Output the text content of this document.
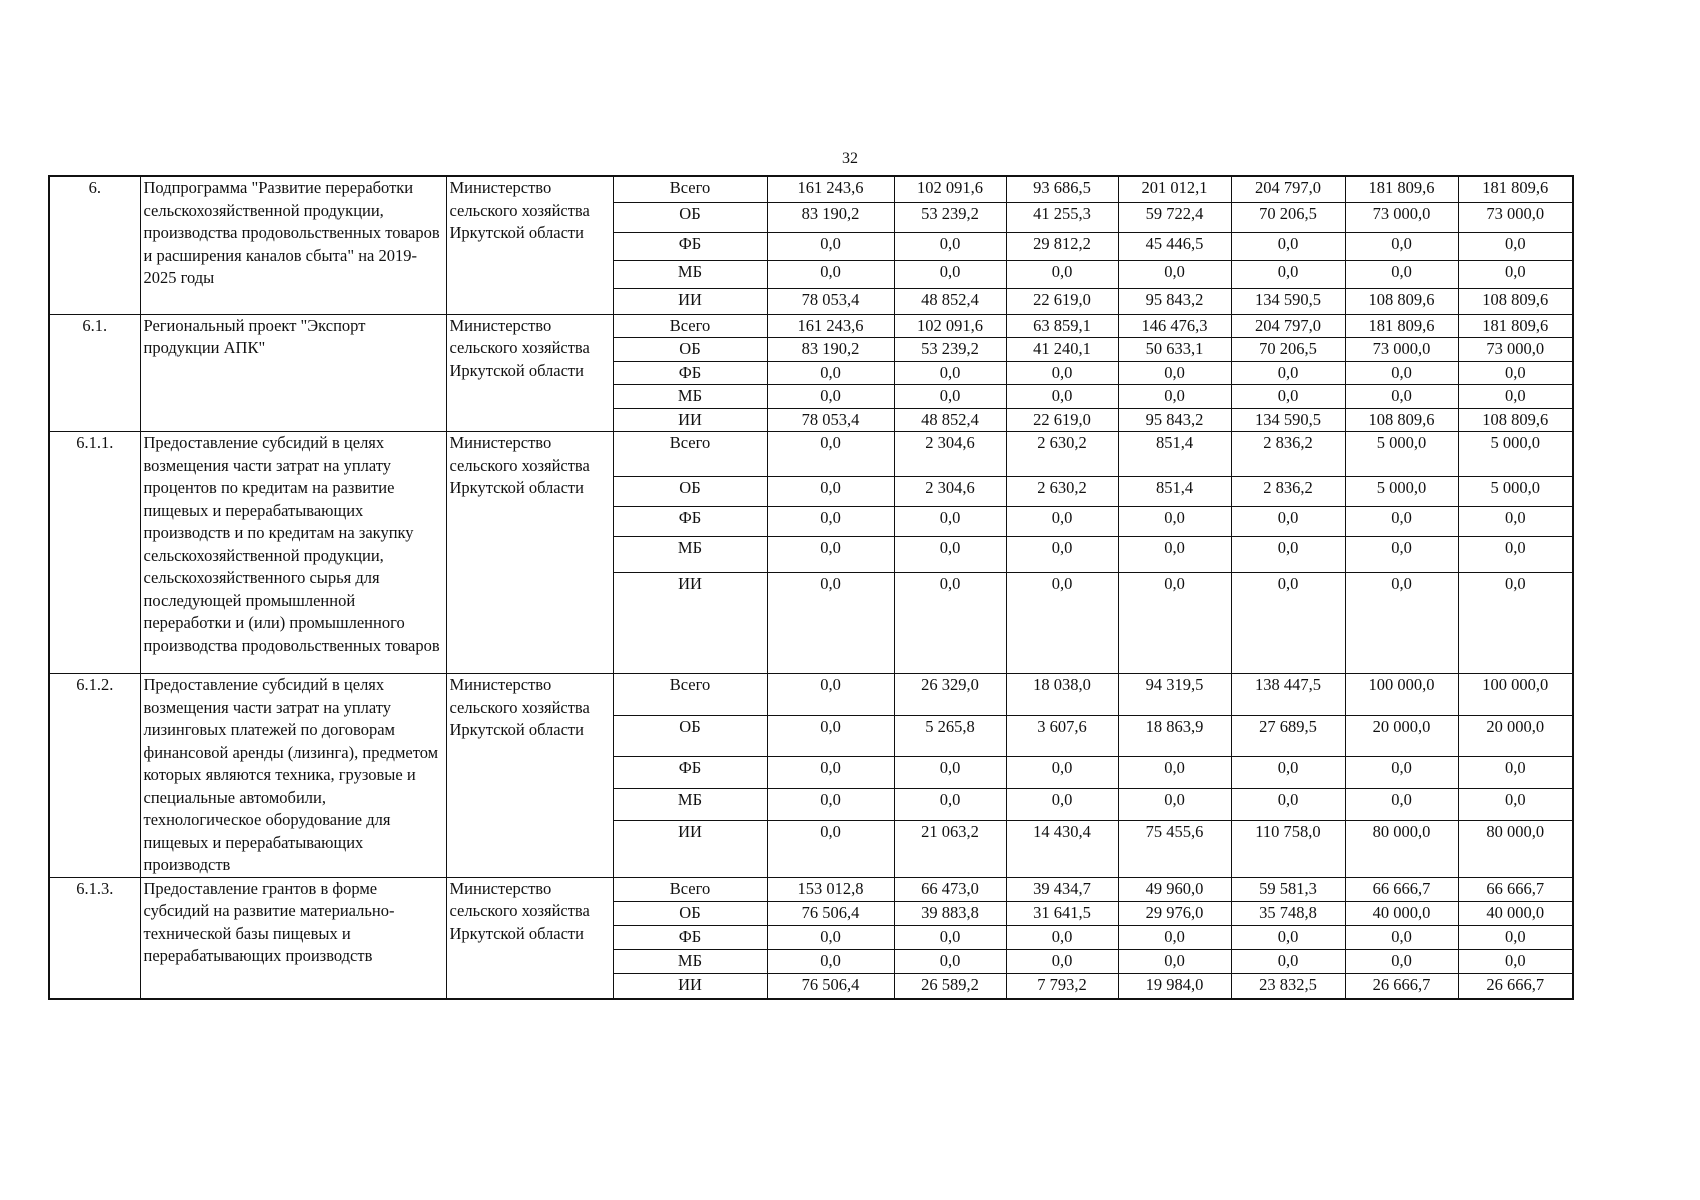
32
6.	Подпрограмма "Развитие переработки сельскохозяйственной продукции, производства продовольственных товаров и расширения каналов сбыта" на 2019-2025 годы	Министерство сельского хозяйства Иркутской области	Всего	161 243,6	102 091,6	93 686,5	201 012,1	204 797,0	181 809,6	181 809,6
			ОБ	83 190,2	53 239,2	41 255,3	59 722,4	70 206,5	73 000,0	73 000,0
			ФБ	0,0	0,0	29 812,2	45 446,5	0,0	0,0	0,0
			МБ	0,0	0,0	0,0	0,0	0,0	0,0	0,0
			ИИ	78 053,4	48 852,4	22 619,0	95 843,2	134 590,5	108 809,6	108 809,6
6.1.	Региональный проект "Экспорт продукции АПК"	Министерство сельского хозяйства Иркутской области	Всего	161 243,6	102 091,6	63 859,1	146 476,3	204 797,0	181 809,6	181 809,6
			ОБ	83 190,2	53 239,2	41 240,1	50 633,1	70 206,5	73 000,0	73 000,0
			ФБ	0,0	0,0	0,0	0,0	0,0	0,0	0,0
			МБ	0,0	0,0	0,0	0,0	0,0	0,0	0,0
			ИИ	78 053,4	48 852,4	22 619,0	95 843,2	134 590,5	108 809,6	108 809,6
6.1.1.	Предоставление субсидий в целях возмещения части затрат на уплату процентов по кредитам на развитие пищевых и перерабатывающих производств и по кредитам на закупку сельскохозяйственной продукции, сельскохозяйственного сырья для последующей промышленной переработки и (или) промышленного производства продовольственных товаров	Министерство сельского хозяйства Иркутской области	Всего	0,0	2 304,6	2 630,2	851,4	2 836,2	5 000,0	5 000,0
			ОБ	0,0	2 304,6	2 630,2	851,4	2 836,2	5 000,0	5 000,0
			ФБ	0,0	0,0	0,0	0,0	0,0	0,0	0,0
			МБ	0,0	0,0	0,0	0,0	0,0	0,0	0,0
			ИИ	0,0	0,0	0,0	0,0	0,0	0,0	0,0
6.1.2.	Предоставление субсидий в целях возмещения части затрат на уплату лизинговых платежей по договорам финансовой аренды (лизинга), предметом которых являются техника, грузовые и специальные автомобили, технологическое оборудование для пищевых и перерабатывающих производств	Министерство сельского хозяйства Иркутской области	Всего	0,0	26 329,0	18 038,0	94 319,5	138 447,5	100 000,0	100 000,0
			ОБ	0,0	5 265,8	3 607,6	18 863,9	27 689,5	20 000,0	20 000,0
			ФБ	0,0	0,0	0,0	0,0	0,0	0,0	0,0
			МБ	0,0	0,0	0,0	0,0	0,0	0,0	0,0
			ИИ	0,0	21 063,2	14 430,4	75 455,6	110 758,0	80 000,0	80 000,0
6.1.3.	Предоставление грантов в форме субсидий на развитие материально-технической базы пищевых и перерабатывающих производств	Министерство сельского хозяйства Иркутской области	Всего	153 012,8	66 473,0	39 434,7	49 960,0	59 581,3	66 666,7	66 666,7
			ОБ	76 506,4	39 883,8	31 641,5	29 976,0	35 748,8	40 000,0	40 000,0
			ФБ	0,0	0,0	0,0	0,0	0,0	0,0	0,0
			МБ	0,0	0,0	0,0	0,0	0,0	0,0	0,0
			ИИ	76 506,4	26 589,2	7 793,2	19 984,0	23 832,5	26 666,7	26 666,7
